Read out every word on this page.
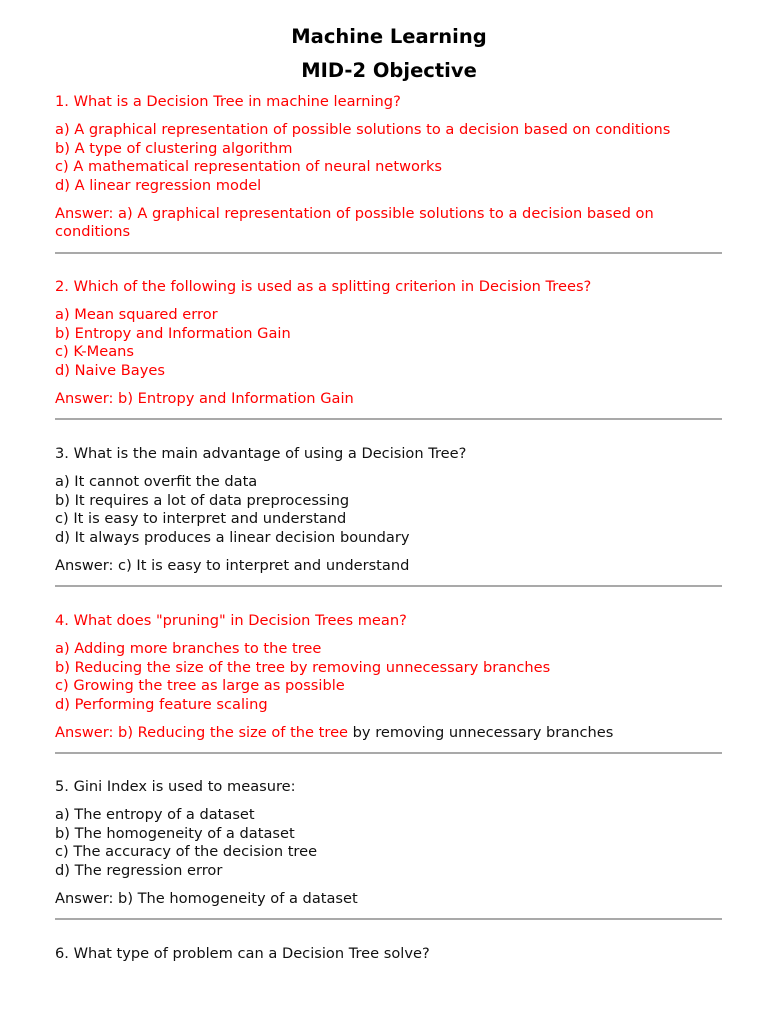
Machine Learning
MID-2 Objective
1. What is a Decision Tree in machine learning?
a) A graphical representation of possible solutions to a decision based on conditions
b) A type of clustering algorithm
c) A mathematical representation of neural networks
d) A linear regression model
Answer: a) A graphical representation of possible solutions to a decision based on conditions
2. Which of the following is used as a splitting criterion in Decision Trees?
a) Mean squared error
b) Entropy and Information Gain
c) K-Means
d) Naive Bayes
Answer: b) Entropy and Information Gain
3. What is the main advantage of using a Decision Tree?
a) It cannot overfit the data
b) It requires a lot of data preprocessing
c) It is easy to interpret and understand
d) It always produces a linear decision boundary
Answer: c) It is easy to interpret and understand
4. What does "pruning" in Decision Trees mean?
a) Adding more branches to the tree
b) Reducing the size of the tree by removing unnecessary branches
c) Growing the tree as large as possible
d) Performing feature scaling
Answer: b) Reducing the size of the tree by removing unnecessary branches
5. Gini Index is used to measure:
a) The entropy of a dataset
b) The homogeneity of a dataset
c) The accuracy of the decision tree
d) The regression error
Answer: b) The homogeneity of a dataset
6. What type of problem can a Decision Tree solve?
